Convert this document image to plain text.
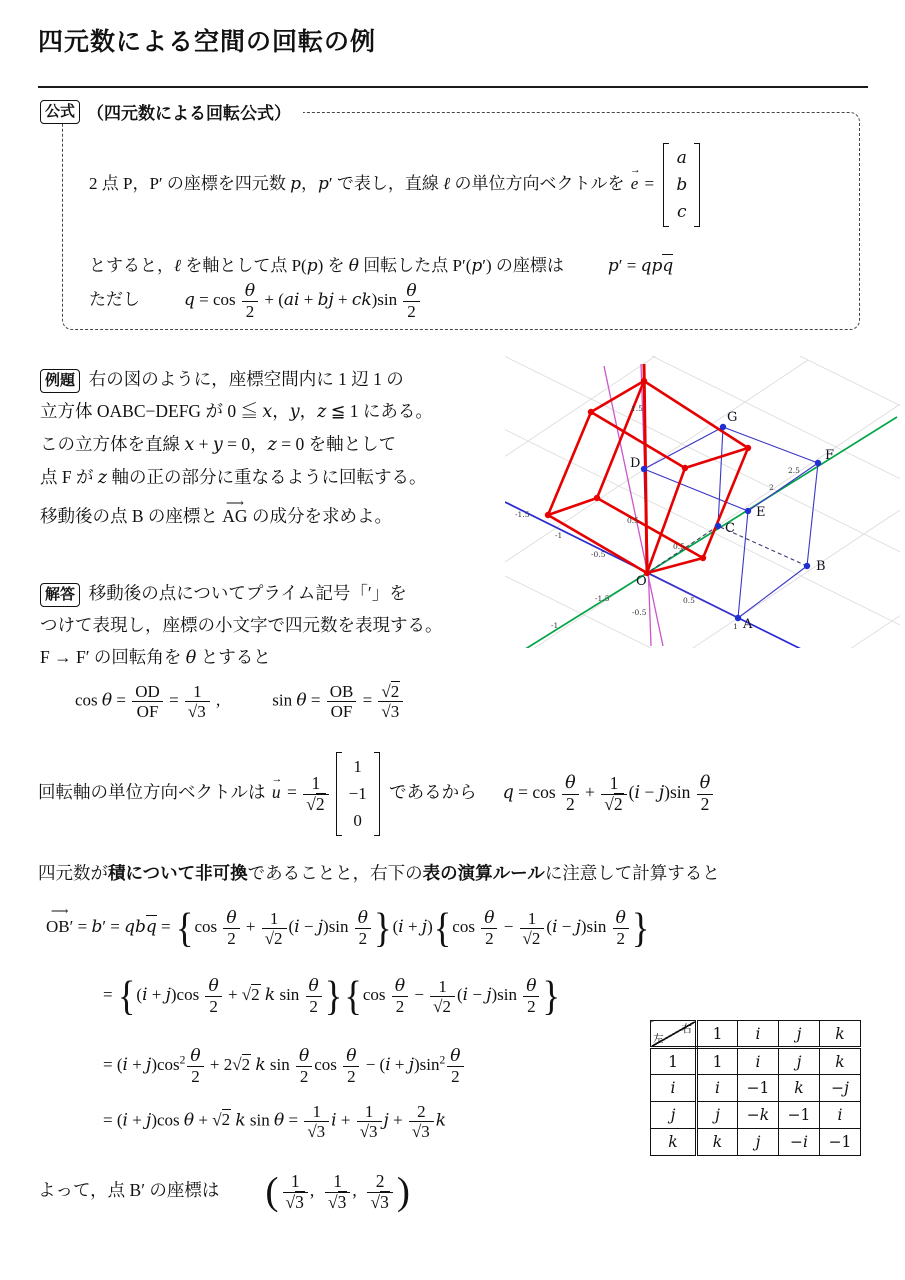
四元数による空間の回転の例
公式 （四元数による回転公式）
2 点 P，P′ の座標を四元数 p，p′ で表し，直線 ℓ の単位方向ベクトルを → e =
a
b
c
とすると，ℓ を軸として点 P(p) を θ 回転した点 P′(p′) の座標は	p′ = qpq
ただし	$q = \cos \frac{\theta}{2} + (ai$ + bj + $ck)\sin \frac{\theta}{2}$
例題 右の図のように，座標空間内に 1 辺 1 の
立方体 OABC−DEFG が 0 ≦ x，y，z ≦ 1 にある。
この立方体を直線 x + y = 0，z = 0 を軸として
点 F が z 軸の正の部分に重なるように回転する。
移動後の点 B の座標と ⟶ AG の成分を求めよ。
O
A
B
C
D
E
F
G
-1.5
-1
-0.5
0.5
1
-1.5
-1
2
2.5
1.5
0.5
0.5
-0.5
解答 移動後の点についてプライム記号「′」を
つけて表現し，座標の小文字で四元数を表現する。
F → F′ の回転角を θ とすると
$\cos \theta = \frac{OD}{OF} = \frac{1}{√3}$ ,	$\sin \theta = \frac{OB}{OF} = \frac{√2}{√3}$
回転軸の単位方向ベクトルは → $u = \frac{1}{√2}$
1
−1
0
であるから $q = \cos \frac{\theta}{2} + \frac{1}{√2} (i - j)\sin \frac{\theta}{2}$
四元数が積について非可換であることと，右下の表の演算ルールに注意して計算すると
⟶ OB′ = b′ = qbq = $\{\cos \frac{\theta}{2} + \frac{1}{√2} (i - j)\sin \frac{\theta}{2} \}(i + j)\{\cos \frac{\theta}{2} - \frac{1}{√2} (i - j)\sin \frac{\theta}{2}$ }
= {$(i + j)\cos \frac{\theta}{2} + √2$ k $\sin \frac{\theta}{2} \}\{\cos \frac{\theta}{2} - \frac{1}{√2} (i - j)\sin \frac{\theta}{2}$ }
= $(i + j)\cos^2 \frac{\theta}{2} + 2√2$ k $\sin \frac{\theta}{2}$ $\cos \frac{\theta}{2} - (i + j)\sin^2 \frac{\theta}{2}$
= (i + j)cos θ + √2 k $\sin \theta = \frac{1}{√3}$ $i + \frac{1}{√3}$ $j + \frac{2}{√3}$ k
よって，点 B′ の座標は ( $\frac{1}{√3}$ , $\frac{1}{√3}$ , $\frac{2}{√3}$ )
左
右	1	i	j	k
1	1	i	j	k
i	i	−1	k	−j
j	j	−k	−1	i
k	k	j	−i	−1
